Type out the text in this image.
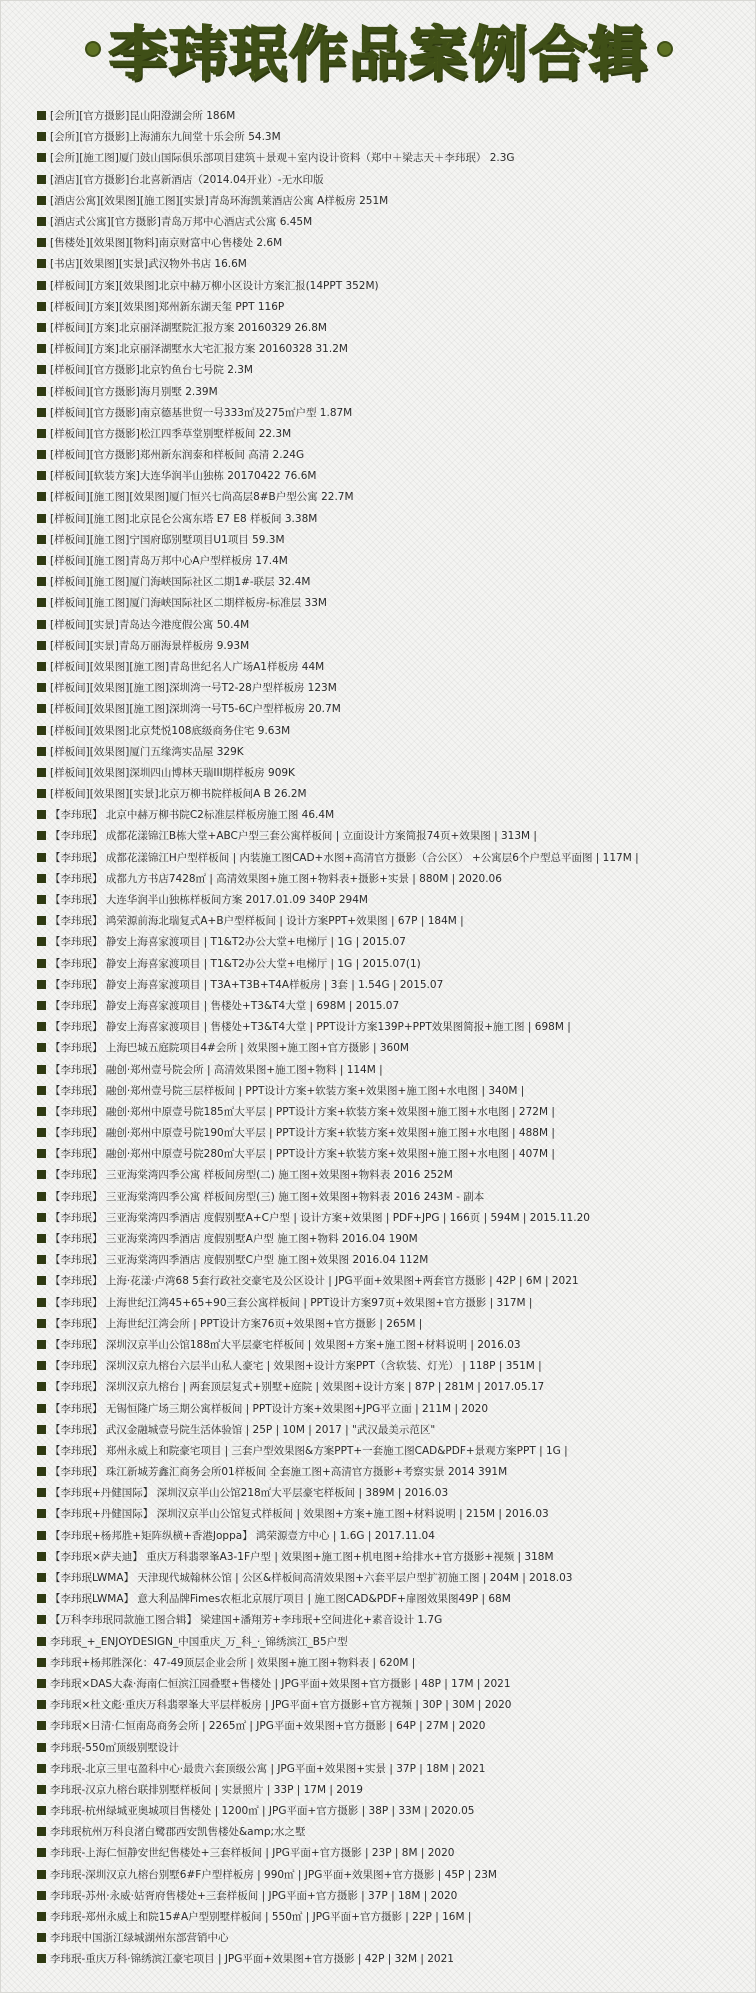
李玮珉作品案例合辑
[会所][官方摄影]昆山阳澄湖会所 186M
[会所][官方摄影]上海浦东九间堂十乐会所 54.3M
[会所][施工图]厦门鼓山国际俱乐部项目建筑＋景观＋室内设计资料（郑中＋梁志天＋李玮珉） 2.3G
[酒店][官方摄影]台北喜新酒店（2014.04开业）-无水印版
[酒店公寓][效果图][施工图][实景]青岛环海凯莱酒店公寓 A样板房 251M
[酒店式公寓][官方摄影]青岛万邦中心酒店式公寓 6.45M
[售楼处][效果图][物料]南京财富中心售楼处 2.6M
[书店][效果图][实景]武汉物外书店 16.6M
[样板间][方案][效果图]北京中赫万柳小区设计方案汇报(14PPT 352M)
[样板间][方案][效果图]郑州新东湖天玺 PPT 116P
[样板间][方案]北京丽泽湖墅院汇报方案 20160329 26.8M
[样板间][方案]北京丽泽湖墅水大宅汇报方案 20160328 31.2M
[样板间][官方摄影]北京钓鱼台七号院 2.3M
[样板间][官方摄影]海月别墅 2.39M
[样板间][官方摄影]南京德基世贸一号333㎡及275㎡户型 1.87M
[样板间][官方摄影]松江四季草堂别墅样板间 22.3M
[样板间][官方摄影]郑州新东润泰和样板间 高清 2.24G
[样板间][软装方案]大连华润半山独栋 20170422 76.6M
[样板间][施工图][效果图]厦门恒兴七尚高层8#B户型公寓 22.7M
[样板间][施工图]北京昆仑公寓东塔 E7 E8 样板间 3.38M
[样板间][施工图]宁国府邸别墅项目U1项目 59.3M
[样板间][施工图]青岛万邦中心A户型样板房 17.4M
[样板间][施工图]厦门海峡国际社区二期1#-联层 32.4M
[样板间][施工图]厦门海峡国际社区二期样板房-标准层 33M
[样板间][实景]青岛达今港度假公寓 50.4M
[样板间][实景]青岛万丽海景样板房 9.93M
[样板间][效果图][施工图]青岛世纪名人广场A1样板房 44M
[样板间][效果图][施工图]深圳湾一号T2-28户型样板房 123M
[样板间][效果图][施工图]深圳湾一号T5-6C户型样板房 20.7M
[样板间][效果图]北京梵悦108底级商务住宅 9.63M
[样板间][效果图]厦门五缘湾实品屋 329K
[样板间][效果图]深圳四山博林天瑞III期样板房 909K
[样板间][效果图][实景]北京万柳书院样板间A B 26.2M
【李玮珉】 北京中赫万柳书院C2标准层样板房施工图 46.4M
【李玮珉】 成都花漾锦江B栋大堂+ABC户型三套公寓样板间 | 立面设计方案简报74页+效果图 | 313M |
【李玮珉】 成都花漾锦江H户型样板间 | 内装施工图CAD+水图+高清官方摄影（合公区） +公寓层6个户型总平面图 | 117M |
【李玮珉】 成都九方书店7428㎡ | 高清效果图+施工图+物料表+摄影+实景 | 880M | 2020.06
【李玮珉】 大连华润半山独栋样板间方案 2017.01.09 340P 294M
【李玮珉】 鸿荣源前海北瑞复式A+B户型样板间 | 设计方案PPT+效果图 | 67P | 184M |
【李玮珉】 静安上海喜家渡项目 | T1&T2办公大堂+电梯厅 | 1G | 2015.07
【李玮珉】 静安上海喜家渡项目 | T1&T2办公大堂+电梯厅 | 1G | 2015.07(1)
【李玮珉】 静安上海喜家渡项目 | T3A+T3B+T4A样板房 | 3套 | 1.54G | 2015.07
【李玮珉】 静安上海喜家渡项目 | 售楼处+T3&T4大堂 | 698M | 2015.07
【李玮珉】 静安上海喜家渡项目 | 售楼处+T3&T4大堂 | PPT设计方案139P+PPT效果图简报+施工图 | 698M |
【李玮珉】 上海巴城五庭院项目4#会所 | 效果图+施工图+官方摄影 | 360M
【李玮珉】 融创·郑州壹号院会所 | 高清效果图+施工图+物料 | 114M |
【李玮珉】 融创·郑州壹号院三层样板间 | PPT设计方案+软装方案+效果图+施工图+水电图 | 340M |
【李玮珉】 融创·郑州中原壹号院185㎡大平层 | PPT设计方案+软装方案+效果图+施工图+水电图 | 272M |
【李玮珉】 融创·郑州中原壹号院190㎡大平层 | PPT设计方案+软装方案+效果图+施工图+水电图 | 488M |
【李玮珉】 融创·郑州中原壹号院280㎡大平层 | PPT设计方案+软装方案+效果图+施工图+水电图 | 407M |
【李玮珉】 三亚海棠湾四季公寓 样板间房型(二) 施工图+效果图+物料表 2016 252M
【李玮珉】 三亚海棠湾四季公寓 样板间房型(三) 施工图+效果图+物料表 2016 243M - 副本
【李玮珉】 三亚海棠湾四季酒店 度假别墅A+C户型 | 设计方案+效果图 | PDF+JPG | 166页 | 594M | 2015.11.20
【李玮珉】 三亚海棠湾四季酒店 度假别墅A户型 施工图+物料 2016.04 190M
【李玮珉】 三亚海棠湾四季酒店 度假别墅C户型 施工图+效果图 2016.04 112M
【李玮珉】 上海·花漾·卢湾68 5套行政社交豪宅及公区设计 | JPG平面+效果图+两套官方摄影 | 42P | 6M | 2021
【李玮珉】 上海世纪江湾45+65+90三套公寓样板间 | PPT设计方案97页+效果图+官方摄影 | 317M |
【李玮珉】 上海世纪江湾会所 | PPT设计方案76页+效果图+官方摄影 | 265M |
【李玮珉】 深圳汉京半山公馆188㎡大平层豪宅样板间 | 效果图+方案+施工图+材料说明 | 2016.03
【李玮珉】 深圳汉京九榕台六层半山私人豪宅 | 效果图+设计方案PPT（含软装、灯光） | 118P | 351M |
【李玮珉】 深圳汉京九榕台 | 两套顶层复式+别墅+庭院 | 效果图+设计方案 | 87P | 281M | 2017.05.17
【李玮珉】 无锡恒隆广场三期公寓样板间 | PPT设计方案+效果图+JPG平立面 | 211M | 2020
【李玮珉】 武汉金融城壹号院生活体验馆 | 25P | 10M | 2017 | "武汉最美示范区"
【李玮珉】 郑州永威上和院豪宅项目 | 三套户型效果图&方案PPT+一套施工图CAD&PDF+景观方案PPT | 1G |
【李玮珉】 珠江新城芳鑫汇商务会所01样板间 全套施工图+高清官方摄影+考察实景 2014 391M
【李玮珉+丹健国际】 深圳汉京半山公馆218㎡大平层豪宅样板间 | 389M | 2016.03
【李玮珉+丹健国际】 深圳汉京半山公馆复式样板间 | 效果图+方案+施工图+材料说明 | 215M | 2016.03
【李玮珉+杨邦胜+矩阵纵横+香港Joppa】 鸿荣源壹方中心 | 1.6G | 2017.11.04
【李玮珉×萨夫迪】 重庆万科翡翠峯A3-1F户型 | 效果图+施工图+机电图+给排水+官方摄影+视频 | 318M
【李玮珉LWMA】 天津现代城翰林公馆 | 公区&样板间高清效果图+六套平层户型扩初施工图 | 204M | 2018.03
【李玮珉LWMA】 意大利品牌Fimes农柜北京展厅项目 | 施工图CAD&PDF+扉图效果图49P | 68M
【万科李玮珉同款施工图合辑】 梁建国+潘翔芳+李玮珉+空间进化+素音设计 1.7G
李玮珉_+_ENJOYDESIGN_中国重庆_万_科_·_锦绣滨江_B5户型
李玮珉+杨邦胜深化：47-49顶层企业会所 | 效果图+施工图+物料表 | 620M |
李玮珉×DAS大森·海南仁恒滨江园叠墅+售楼处 | JPG平面+效果图+官方摄影 | 48P | 17M | 2021
李玮珉×杜文彪·重庆万科翡翠峯大平层样板房 | JPG平面+官方摄影+官方视频 | 30P | 30M | 2020
李玮珉×日清·仁恒南岛商务会所 | 2265㎡ | JPG平面+效果图+官方摄影 | 64P | 27M | 2020
李玮珉-550㎡顶级别墅设计
李玮珉-北京三里屯盈科中心·最贵六套顶级公寓 | JPG平面+效果图+实景 | 37P | 18M | 2021
李玮珉-汉京九榕台联排别墅样板间 | 实景照片 | 33P | 17M | 2019
李玮珉-杭州绿城亚奥城项目售楼处 | 1200㎡ | JPG平面+官方摄影 | 38P | 33M | 2020.05
李玮珉杭州万科良渚白鹭郡西安凯售楼处&amp;水之墅
李玮珉-上海仁恒静安世纪售楼处+三套样板间 | JPG平面+官方摄影 | 23P | 8M | 2020
李玮珉-深圳汉京九榕台别墅6#F户型样板房 | 990㎡ | JPG平面+效果图+官方摄影 | 45P | 23M
李玮珉-苏州·永威·姑胥府售楼处+三套样板间 | JPG平面+官方摄影 | 37P | 18M | 2020
李玮珉-郑州永威上和院15#A户型别墅样板间 | 550㎡ | JPG平面+官方摄影 | 22P | 16M |
李玮珉中国浙江绿城湖州东部营销中心
李玮珉-重庆万科·锦绣滨江豪宅项目 | JPG平面+效果图+官方摄影 | 42P | 32M | 2021
